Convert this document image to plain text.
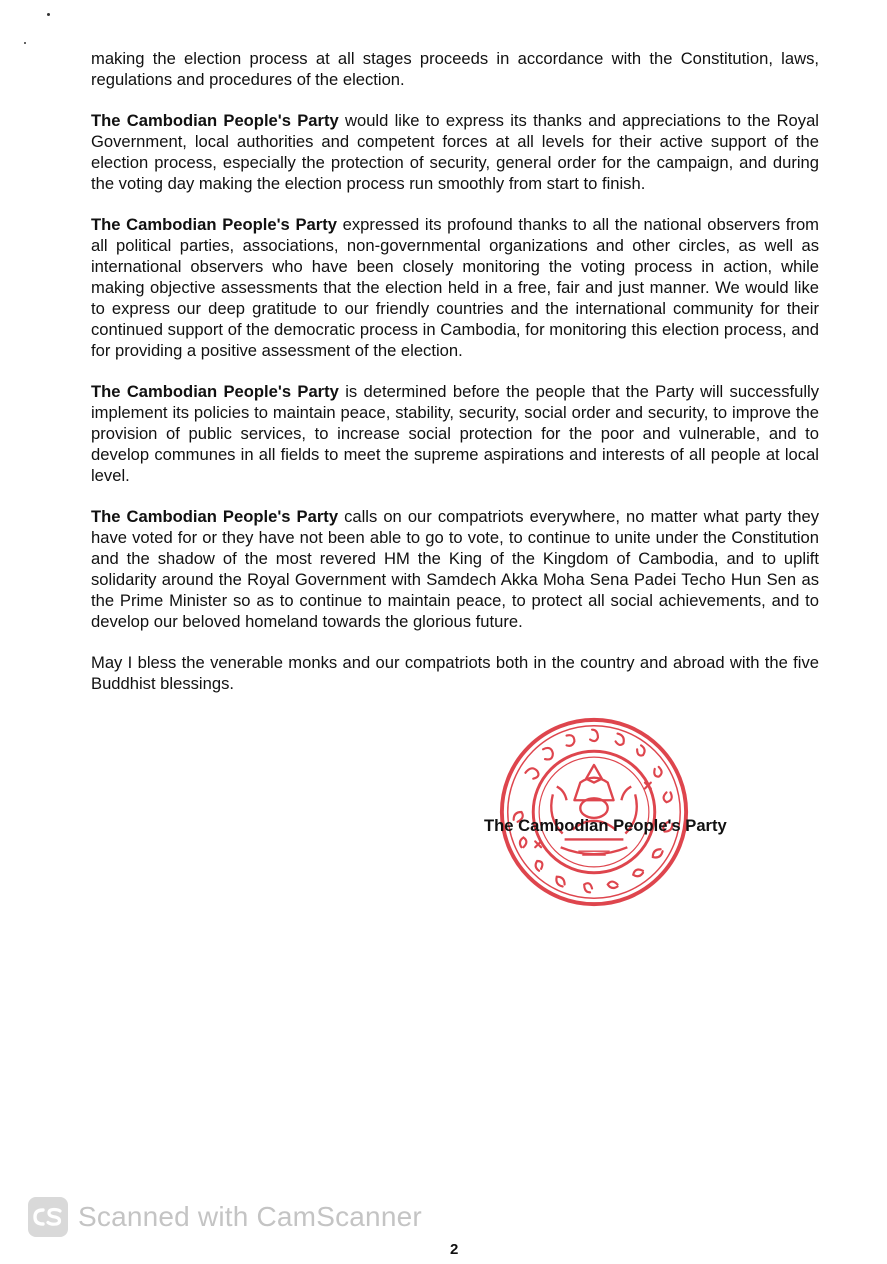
making the election process at all stages proceeds in accordance with the Constitution, laws, regulations and procedures of the election.

The Cambodian People's Party would like to express its thanks and appreciations to the Royal Government, local authorities and competent forces at all levels for their active support of the election process, especially the protection of security, general order for the campaign, and during the voting day making the election process run smoothly from start to finish.

The Cambodian People's Party expressed its profound thanks to all the national observers from all political parties, associations, non-governmental organizations and other circles, as well as international observers who have been closely monitoring the voting process in action, while making objective assessments that the election held in a free, fair and just manner. We would like to express our deep gratitude to our friendly countries and the international community for their continued support of the democratic process in Cambodia, for monitoring this election process, and for providing a positive assessment of the election.

The Cambodian People's Party is determined before the people that the Party will successfully implement its policies to maintain peace, stability, security, social order and security, to improve the provision of public services, to increase social protection for the poor and vulnerable, and to develop communes in all fields to meet the supreme aspirations and interests of all people at local level.

The Cambodian People's Party calls on our compatriots everywhere, no matter what party they have voted for or they have not been able to go to vote, to continue to unite under the Constitution and the shadow of the most revered HM the King of the Kingdom of Cambodia, and to uplift solidarity around the Royal Government with Samdech Akka Moha Sena Padei Techo Hun Sen as the Prime Minister so as to continue to maintain peace, to protect all social achievements, and to develop our beloved homeland towards the glorious future.

May I bless the venerable monks and our compatriots both in the country and abroad with the five Buddhist blessings.

The Cambodian People's Party
Scanned with CamScanner
2
